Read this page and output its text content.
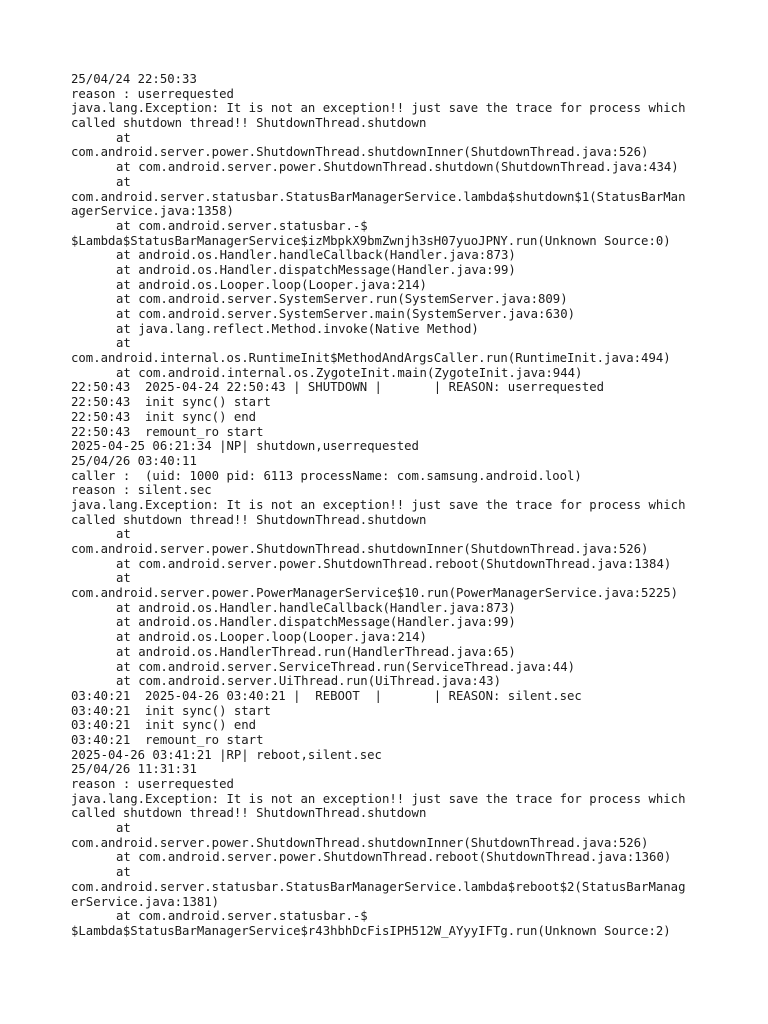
25/04/24 22:50:33
reason : userrequested
java.lang.Exception: It is not an exception!! just save the trace for process which
called shutdown thread!! ShutdownThread.shutdown
at
com.android.server.power.ShutdownThread.shutdownInner(ShutdownThread.java:526)
at com.android.server.power.ShutdownThread.shutdown(ShutdownThread.java:434)
at
com.android.server.statusbar.StatusBarManagerService.lambda$shutdown$1(StatusBarMan
agerService.java:1358)
at com.android.server.statusbar.-$
$Lambda$StatusBarManagerService$izMbpkX9bmZwnjh3sH07yuoJPNY.run(Unknown Source:0)
at android.os.Handler.handleCallback(Handler.java:873)
at android.os.Handler.dispatchMessage(Handler.java:99)
at android.os.Looper.loop(Looper.java:214)
at com.android.server.SystemServer.run(SystemServer.java:809)
at com.android.server.SystemServer.main(SystemServer.java:630)
at java.lang.reflect.Method.invoke(Native Method)
at
com.android.internal.os.RuntimeInit$MethodAndArgsCaller.run(RuntimeInit.java:494)
at com.android.internal.os.ZygoteInit.main(ZygoteInit.java:944)
22:50:43  2025-04-24 22:50:43 | SHUTDOWN |       | REASON: userrequested
22:50:43  init sync() start
22:50:43  init sync() end
22:50:43  remount_ro start
2025-04-25 06:21:34 |NP| shutdown,userrequested
25/04/26 03:40:11
caller :  (uid: 1000 pid: 6113 processName: com.samsung.android.lool)
reason : silent.sec
java.lang.Exception: It is not an exception!! just save the trace for process which
called shutdown thread!! ShutdownThread.shutdown
at
com.android.server.power.ShutdownThread.shutdownInner(ShutdownThread.java:526)
at com.android.server.power.ShutdownThread.reboot(ShutdownThread.java:1384)
at
com.android.server.power.PowerManagerService$10.run(PowerManagerService.java:5225)
at android.os.Handler.handleCallback(Handler.java:873)
at android.os.Handler.dispatchMessage(Handler.java:99)
at android.os.Looper.loop(Looper.java:214)
at android.os.HandlerThread.run(HandlerThread.java:65)
at com.android.server.ServiceThread.run(ServiceThread.java:44)
at com.android.server.UiThread.run(UiThread.java:43)
03:40:21  2025-04-26 03:40:21 |  REBOOT  |       | REASON: silent.sec
03:40:21  init sync() start
03:40:21  init sync() end
03:40:21  remount_ro start
2025-04-26 03:41:21 |RP| reboot,silent.sec
25/04/26 11:31:31
reason : userrequested
java.lang.Exception: It is not an exception!! just save the trace for process which
called shutdown thread!! ShutdownThread.shutdown
at
com.android.server.power.ShutdownThread.shutdownInner(ShutdownThread.java:526)
at com.android.server.power.ShutdownThread.reboot(ShutdownThread.java:1360)
at
com.android.server.statusbar.StatusBarManagerService.lambda$reboot$2(StatusBarManag
erService.java:1381)
at com.android.server.statusbar.-$
$Lambda$StatusBarManagerService$r43hbhDcFisIPH512W_AYyyIFTg.run(Unknown Source:2)
